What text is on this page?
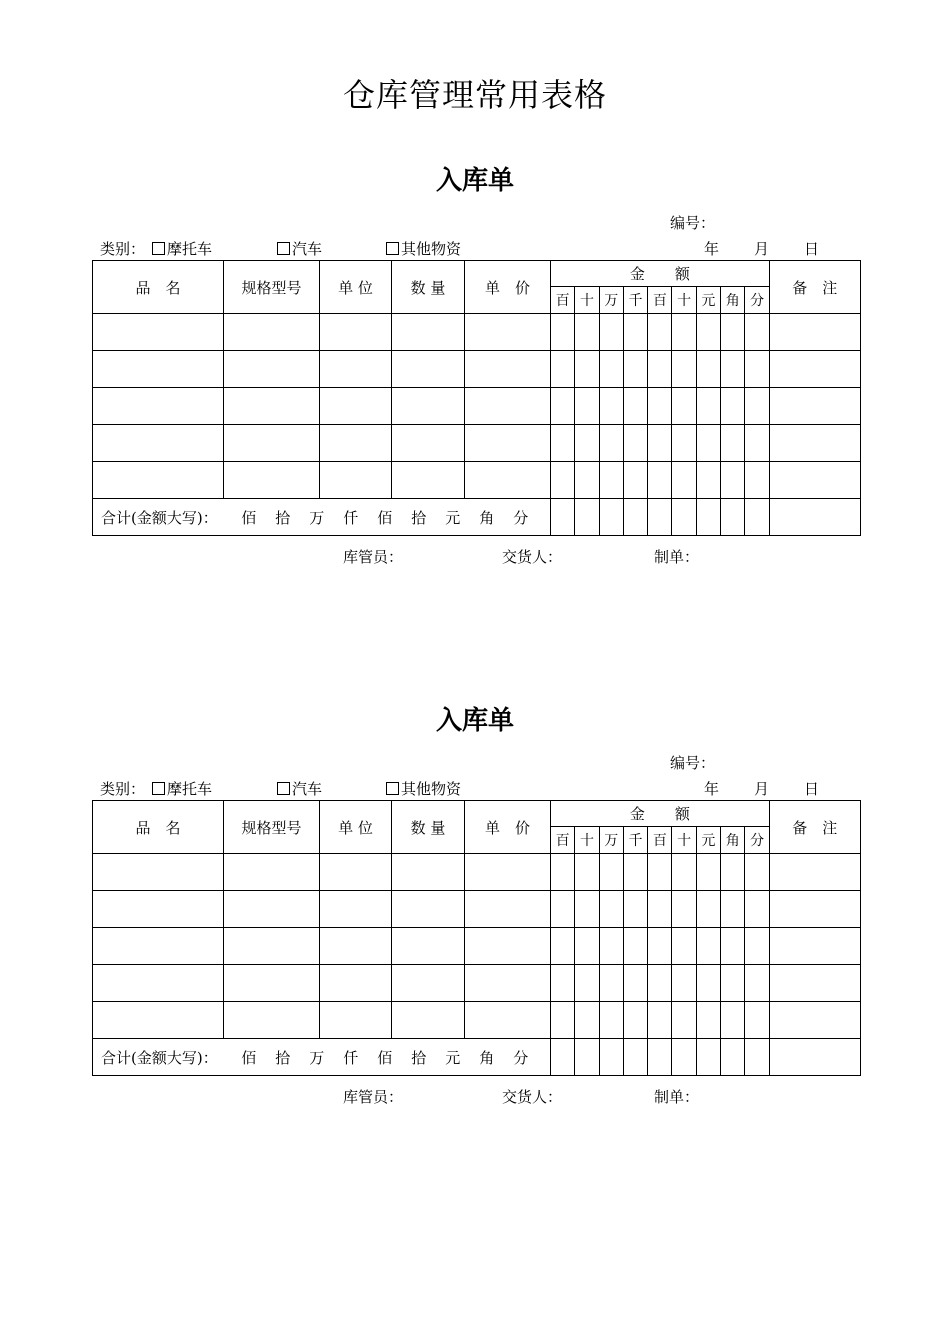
仓库管理常用表格
入库单
编号：
类别：	摩托车	汽车	其他物资	年 月 日
品　名	规格型号	单 位	数 量	单　价	金　　额									备　注
					百	十	万	千	百	十	元	角	分	

合计(金额大写)： 佰 拾 万 仟 佰 拾 元 角 分														
库管员：	交货人：	制单：
入库单
编号：
类别：	摩托车	汽车	其他物资	年 月 日
品　名	规格型号	单 位	数 量	单　价	金　　额									备　注
					百	十	万	千	百	十	元	角	分	

合计(金额大写)： 佰 拾 万 仟 佰 拾 元 角 分														
库管员：	交货人：	制单：
